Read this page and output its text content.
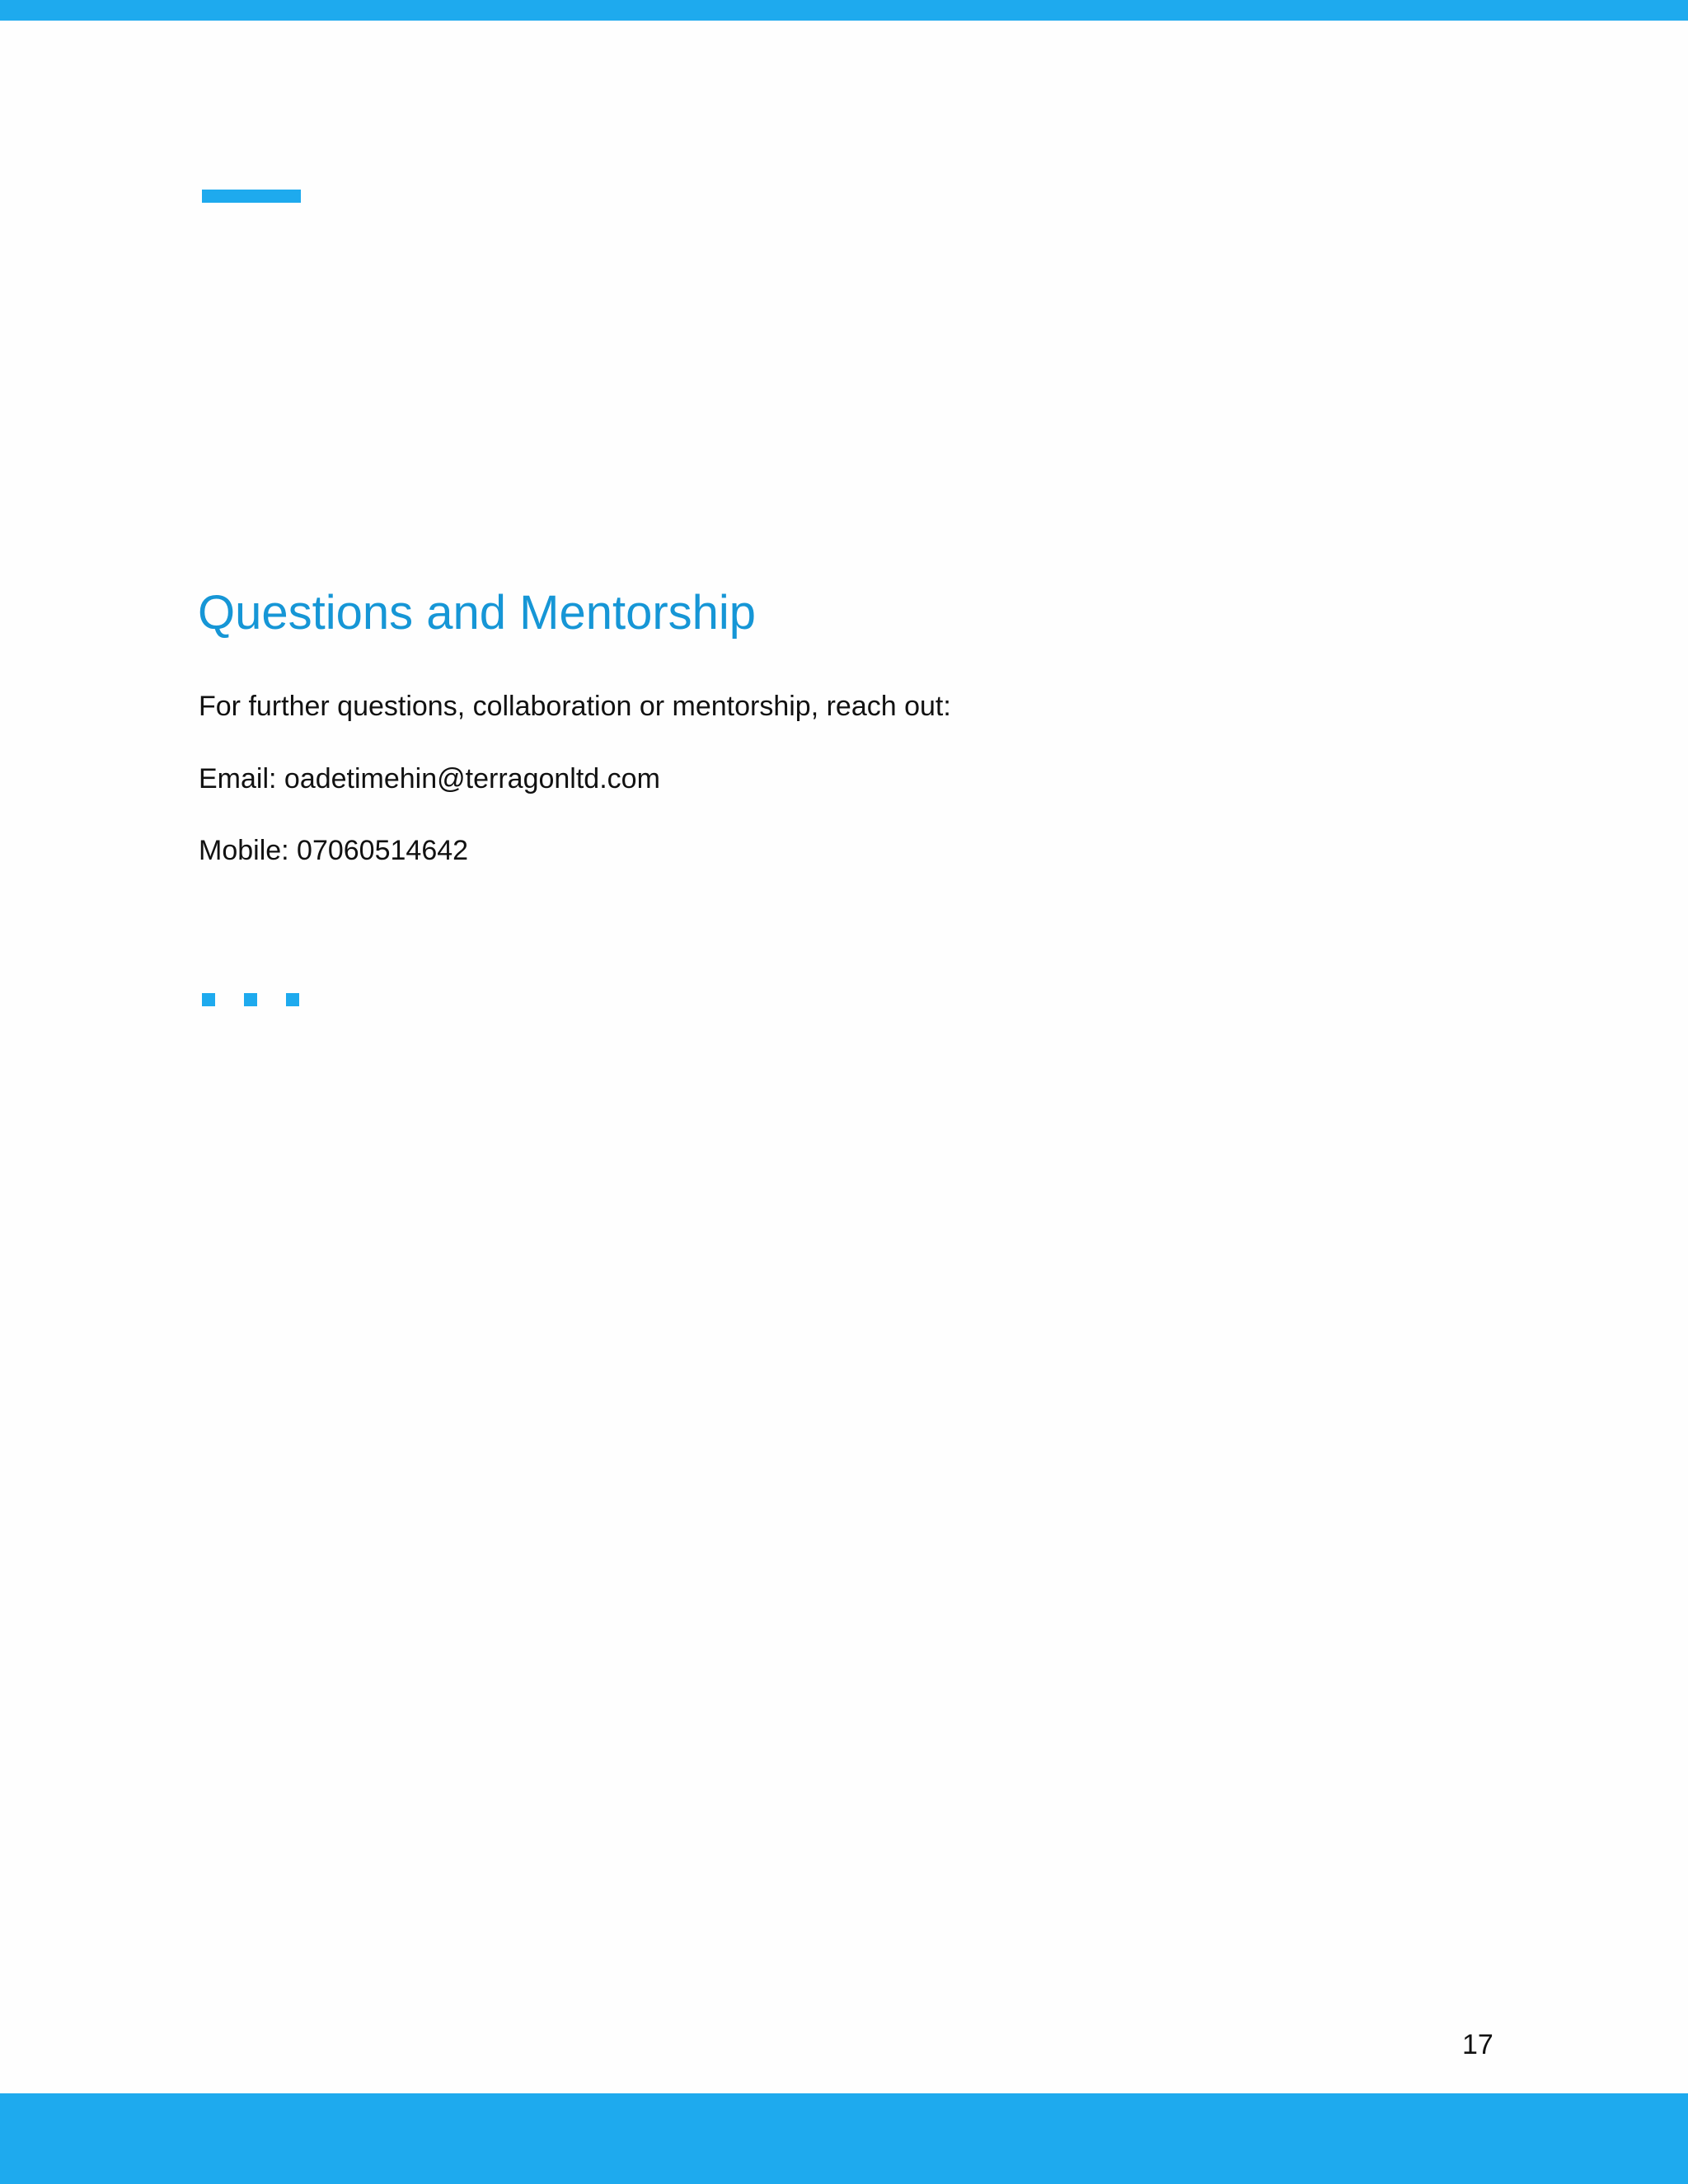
Questions and Mentorship

For further questions, collaboration or mentorship, reach out:

Email: oadetimehin@terragonltd.com

Mobile: 07060514642

17
